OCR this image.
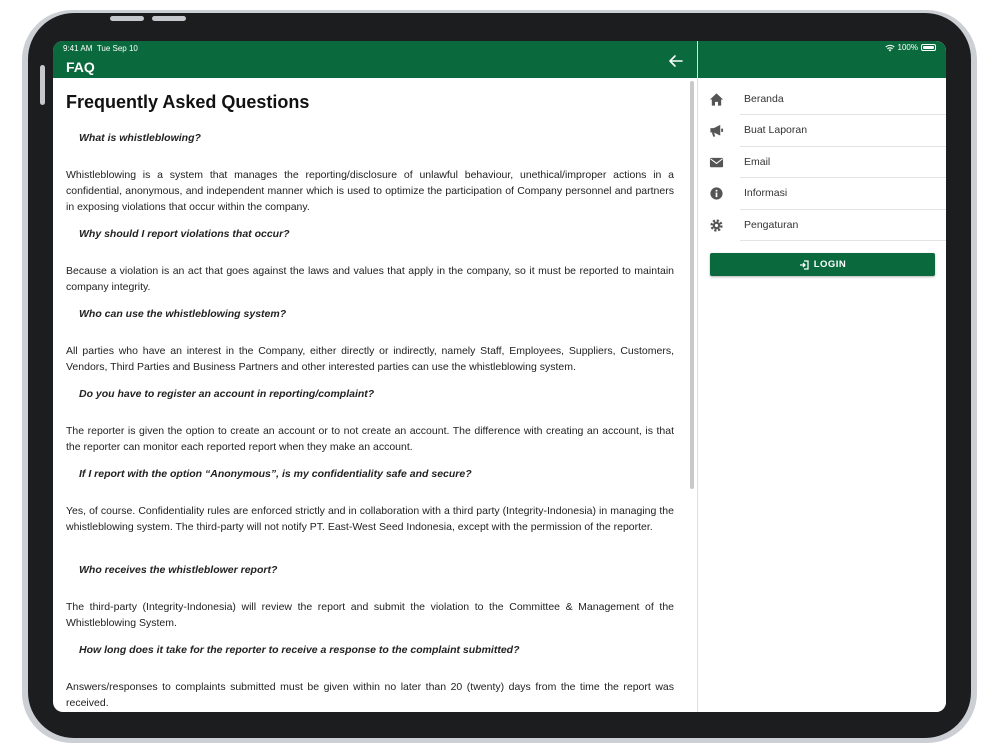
9:41 AM Tue Sep 10	100%
FAQ
Frequently Asked Questions

What is whistleblowing?

Whistleblowing is a system that manages the reporting/disclosure of unlawful behaviour, unethical/improper actions in a confidential, anonymous, and independent manner which is used to optimize the participation of Company personnel and partners in exposing violations that occur within the company.

Why should I report violations that occur?

Because a violation is an act that goes against the laws and values that apply in the company, so it must be reported to maintain company integrity.

Who can use the whistleblowing system?

All parties who have an interest in the Company, either directly or indirectly, namely Staff, Employees, Suppliers, Customers, Vendors, Third Parties and Business Partners and other interested parties can use the whistleblowing system.

Do you have to register an account in reporting/complaint?

The reporter is given the option to create an account or to not create an account. The difference with creating an account, is that the reporter can monitor each reported report when they make an account.

If I report with the option “Anonymous”, is my confidentiality safe and secure?

Yes, of course. Confidentiality rules are enforced strictly and in collaboration with a third party (Integrity-Indonesia) in managing the whistleblowing system. The third-party will not notify PT. East-West Seed Indonesia, except with the permission of the reporter.

Who receives the whistleblower report?

The third-party (Integrity-Indonesia) will review the report and submit the violation to the Committee & Management of the Whistleblowing System.

How long does it take for the reporter to receive a response to the complaint submitted?

Answers/responses to complaints submitted must be given within no later than 20 (twenty) days from the time the report was received.

Beranda
Buat Laporan
Email
Informasi
Pengaturan
LOGIN
